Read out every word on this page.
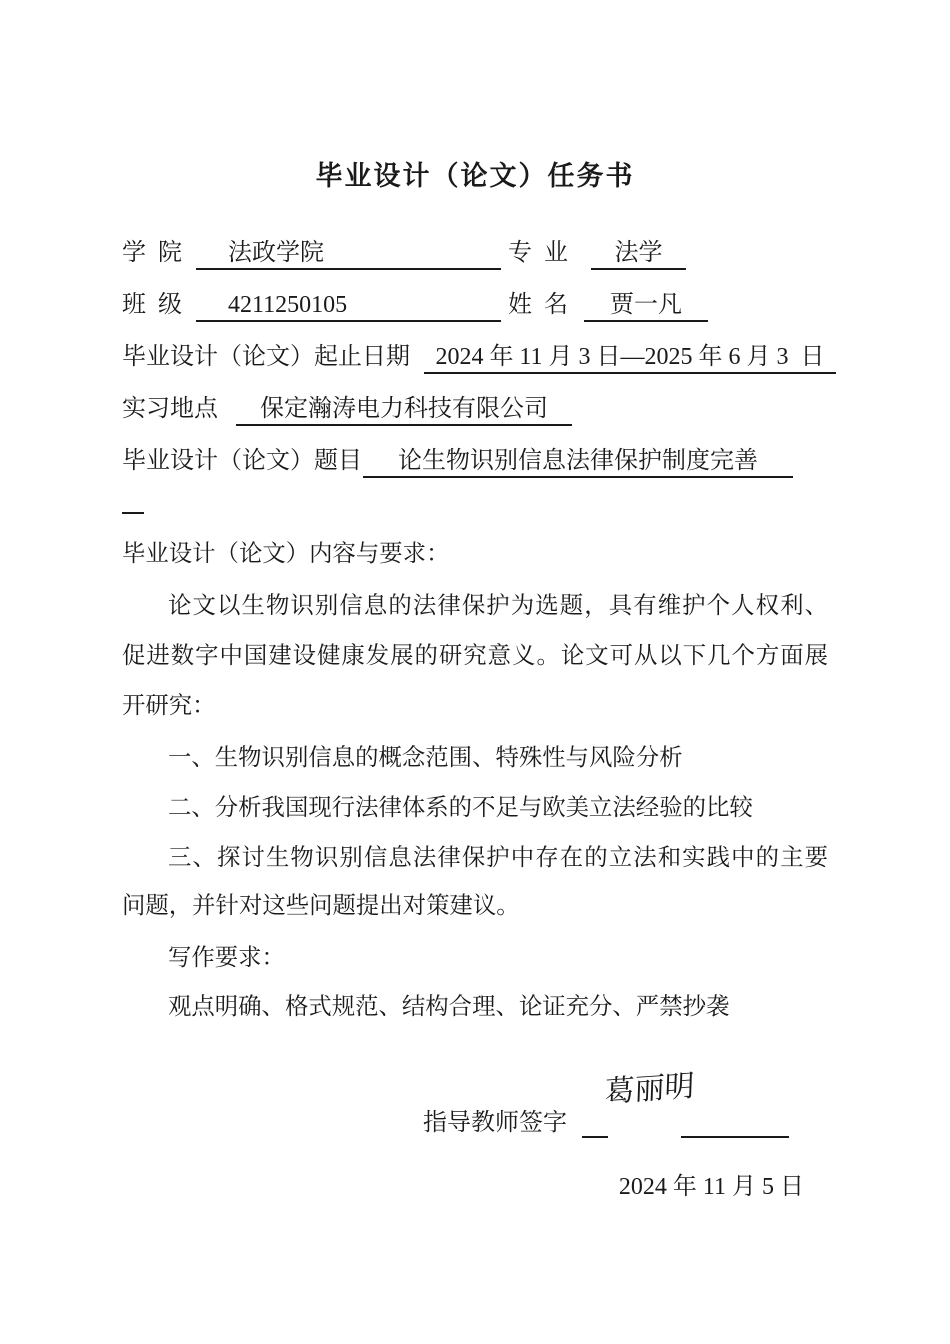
毕业设计（论文）任务书
学  院	法政学院	专  业	法学
班  级	4211250105	姓  名	贾一凡
毕业设计（论文）起止日期	2024 年 11 月 3 日—2025 年 6 月 3  日
实习地点	保定瀚涛电力科技有限公司
毕业设计（论文）题目	论生物识别信息法律保护制度完善
毕业设计（论文）内容与要求：
论文以生物识别信息的法律保护为选题，具有维护个人权利、
促进数字中国建设健康发展的研究意义。论文可从以下几个方面展
开研究：
一、生物识别信息的概念范围、特殊性与风险分析
二、分析我国现行法律体系的不足与欧美立法经验的比较
三、探讨生物识别信息法律保护中存在的立法和实践中的主要
问题，并针对这些问题提出对策建议。
写作要求：
观点明确、格式规范、结构合理、论证充分、严禁抄袭
指导教师签字
葛丽明
2024 年 11 月 5 日
